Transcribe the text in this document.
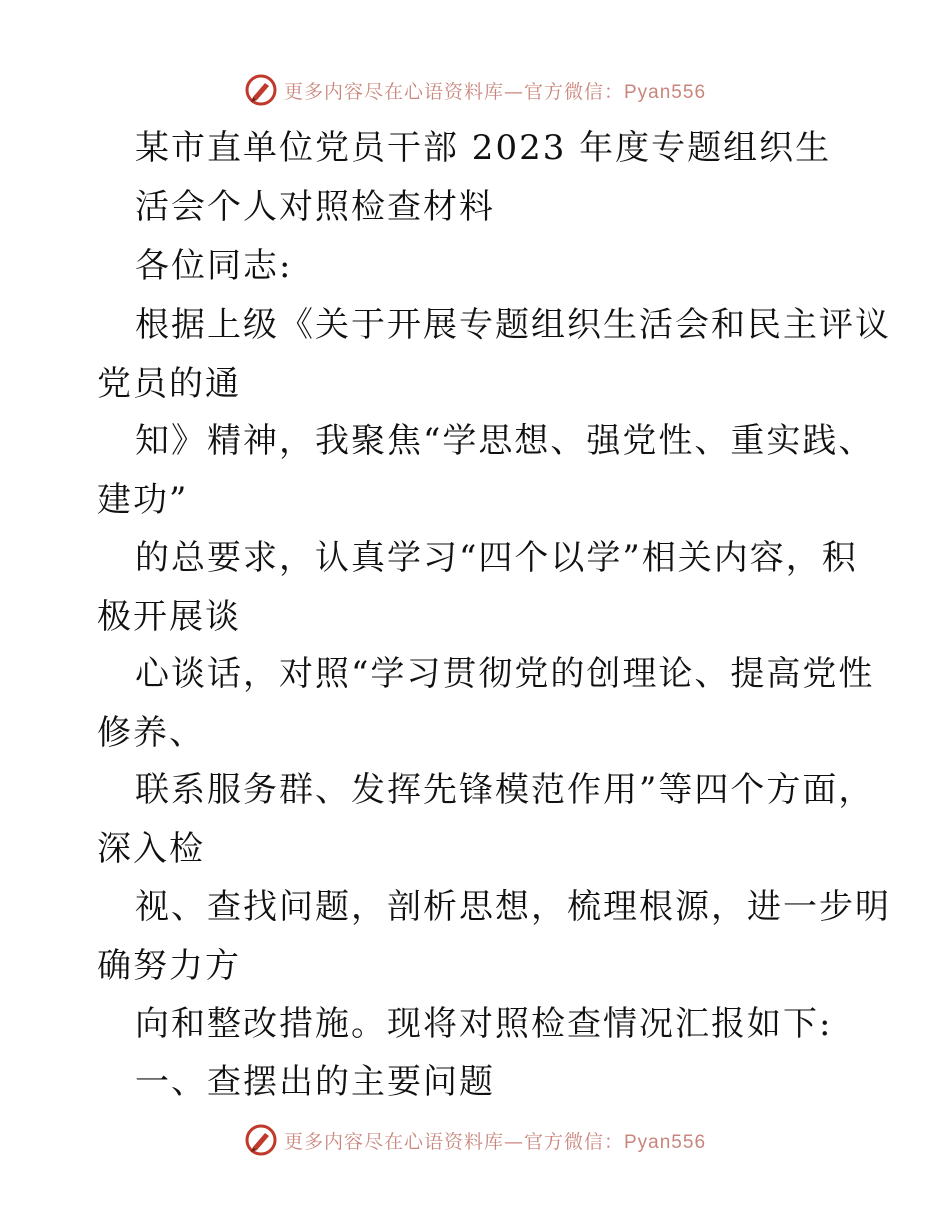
更多内容尽在心语资料库—官方微信：Pyan556
某市直单位党员干部 2023 年度专题组织生
活会个人对照检查材料
各位同志:
根据上级《关于开展专题组织生活会和民主评议
党员的通
知》精神，我聚焦“学思想、强党性、重实践、
建功”
的总要求，认真学习“四个以学”相关内容，积
极开展谈
心谈话，对照“学习贯彻党的创理论、提高党性
修养、
联系服务群、发挥先锋模范作用”等四个方面，
深入检
视、查找问题，剖析思想，梳理根源，进一步明
确努力方
向和整改措施。现将对照检查情况汇报如下:
一、查摆出的主要问题
更多内容尽在心语资料库—官方微信：Pyan556
